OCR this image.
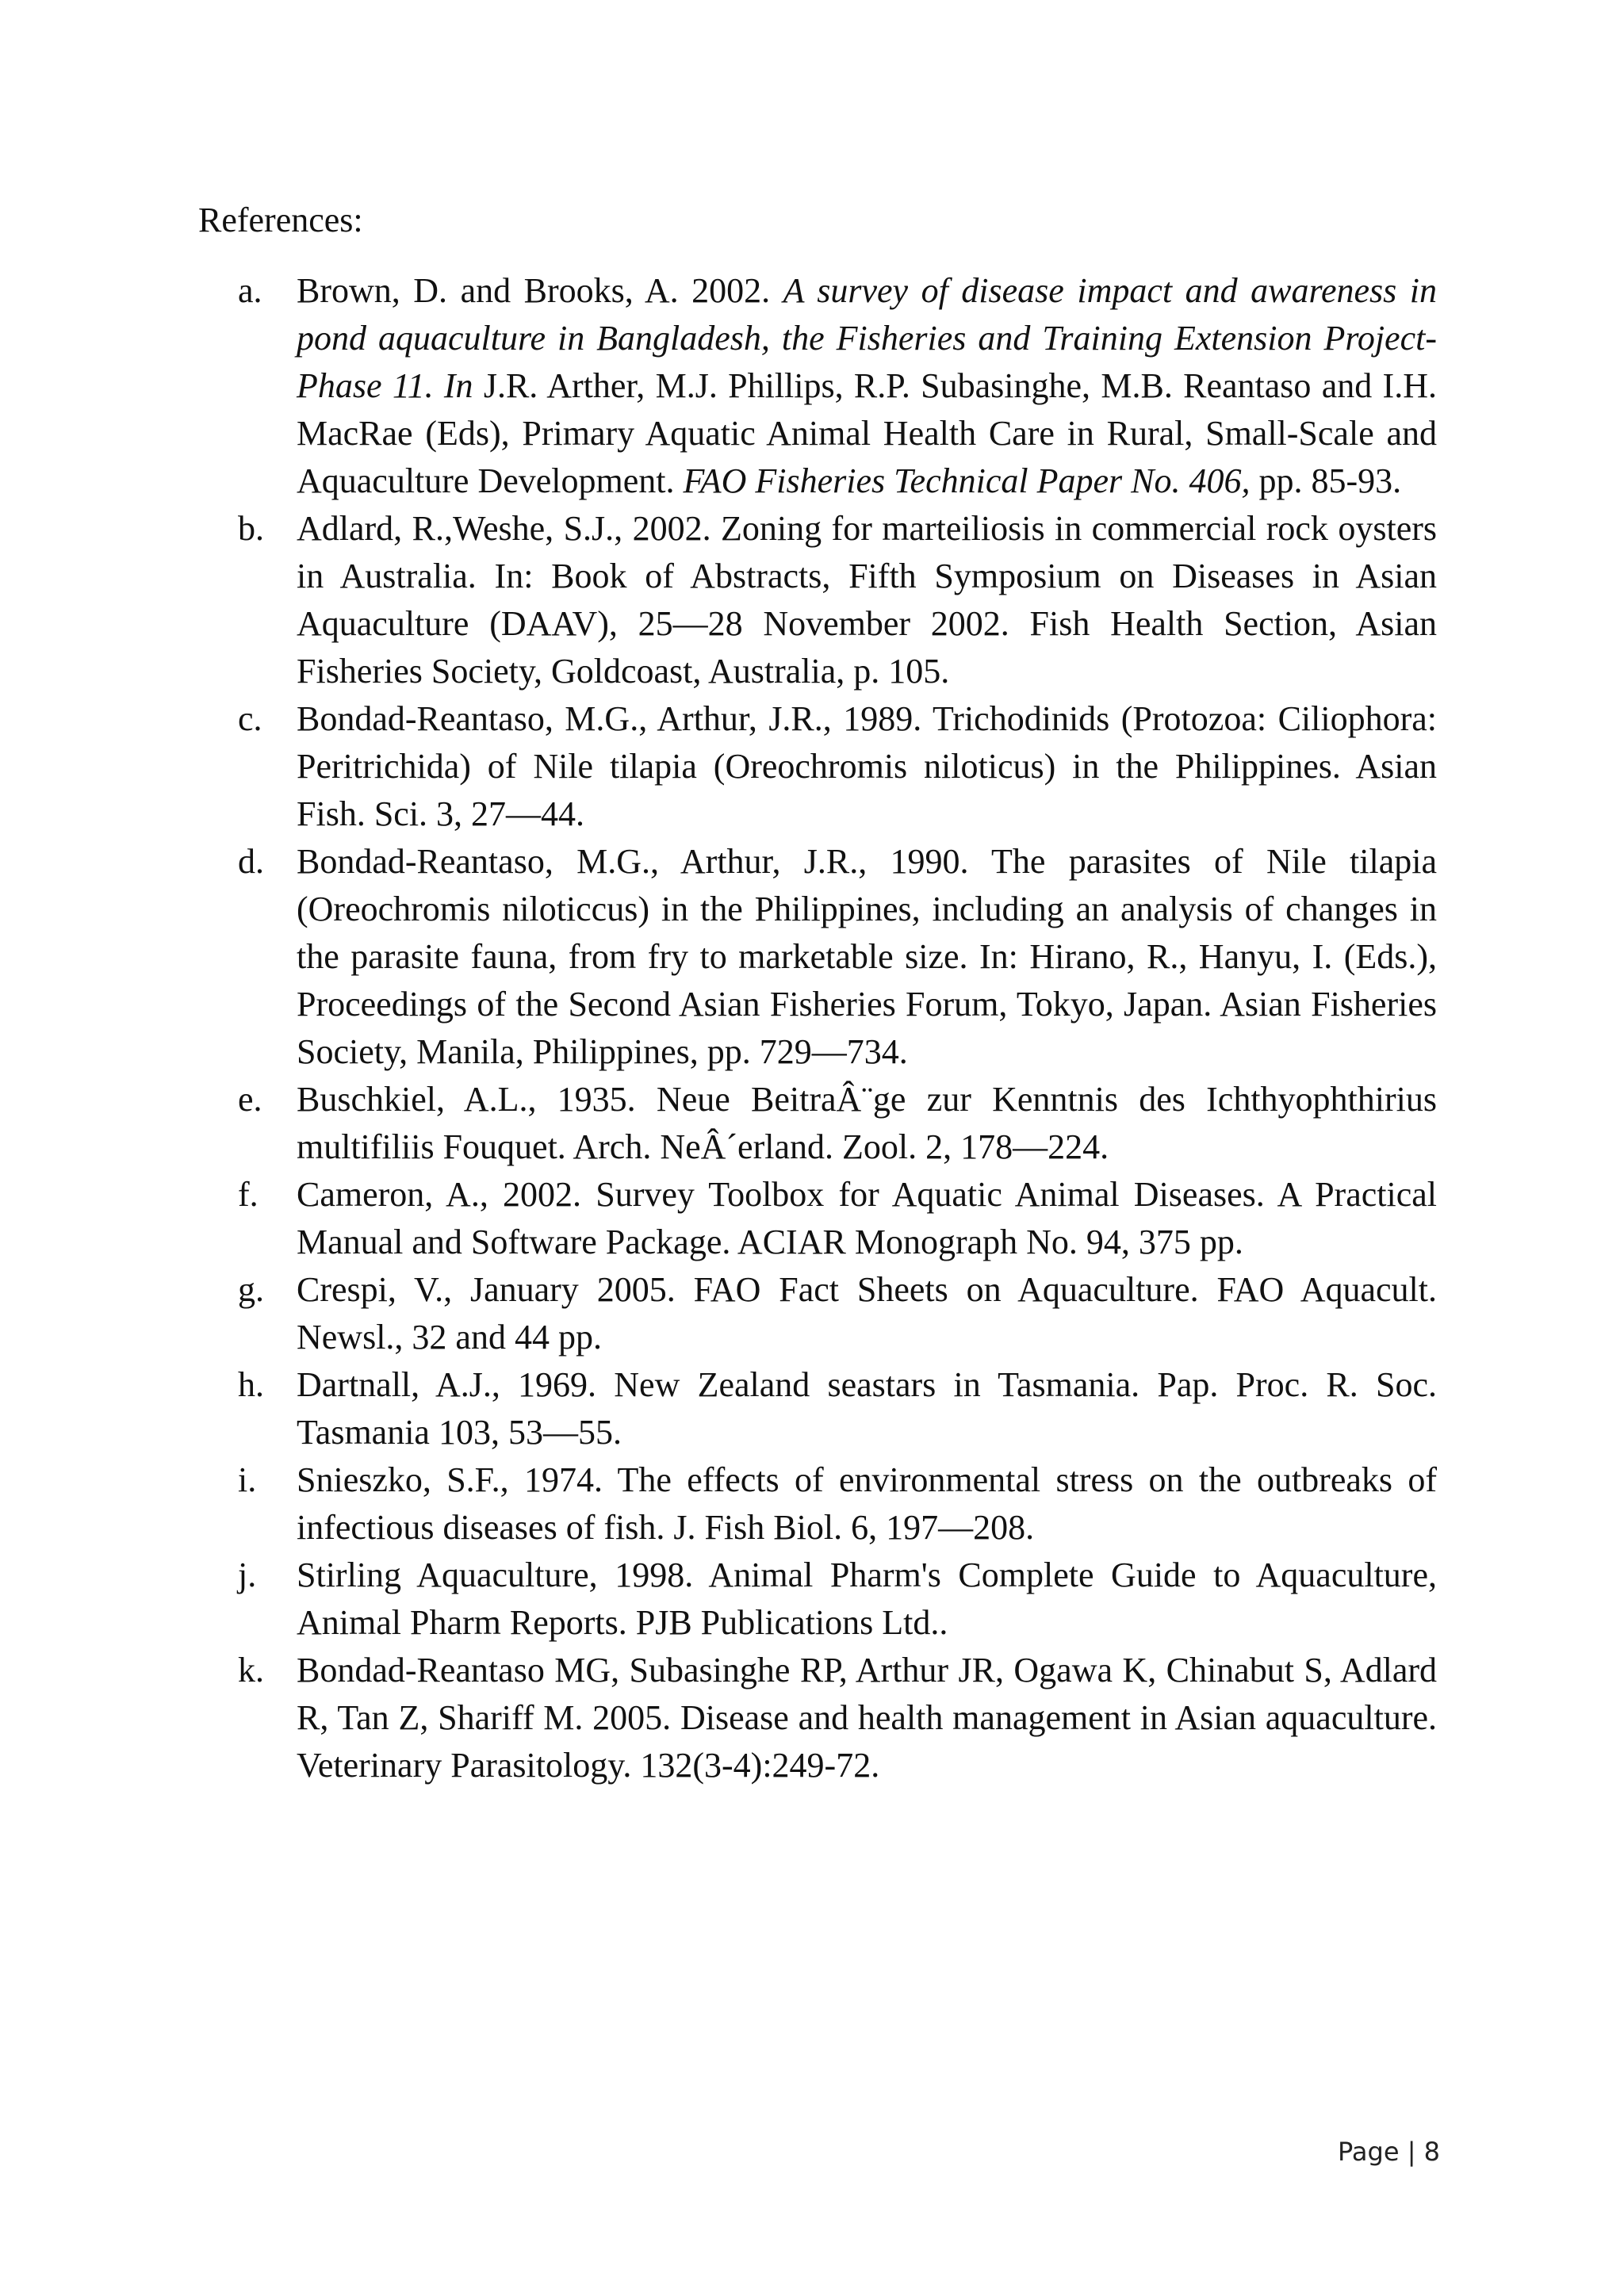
References:
a. Brown, D. and Brooks, A. 2002. A survey of disease impact and awareness in pond aquaculture in Bangladesh, the Fisheries and Training Extension Project- Phase 11. In J.R. Arther, M.J. Phillips, R.P. Subasinghe, M.B. Reantaso and I.H. MacRae (Eds), Primary Aquatic Animal Health Care in Rural, Small-Scale and Aquaculture Development. FAO Fisheries Technical Paper No. 406, pp. 85-93.
b. Adlard, R.,Weshe, S.J., 2002. Zoning for marteiliosis in commercial rock oysters in Australia. In: Book of Abstracts, Fifth Symposium on Diseases in Asian Aquaculture (DAAV), 25—28 November 2002. Fish Health Section, Asian Fisheries Society, Goldcoast, Australia, p. 105.
c. Bondad-Reantaso, M.G., Arthur, J.R., 1989. Trichodinids (Protozoa: Ciliophora: Peritrichida) of Nile tilapia (Oreochromis niloticus) in the Philippines. Asian Fish. Sci. 3, 27—44.
d. Bondad-Reantaso, M.G., Arthur, J.R., 1990. The parasites of Nile tilapia (Oreochromis niloticcus) in the Philippines, including an analysis of changes in the parasite fauna, from fry to marketable size. In: Hirano, R., Hanyu, I. (Eds.), Proceedings of the Second Asian Fisheries Forum, Tokyo, Japan. Asian Fisheries Society, Manila, Philippines, pp. 729—734.
e. Buschkiel, A.L., 1935. Neue BeitraÂ¨ge zur Kenntnis des Ichthyophthirius multifiliis Fouquet. Arch. NeÂ´erland. Zool. 2, 178—224.
f.	Cameron, A., 2002. Survey Toolbox for Aquatic Animal Diseases. A Practical Manual and Software Package. ACIAR Monograph No. 94, 375 pp.
g. Crespi, V., January 2005. FAO Fact Sheets on Aquaculture. FAO Aquacult. Newsl., 32 and 44 pp.
h. Dartnall, A.J., 1969. New Zealand seastars in Tasmania. Pap. Proc. R. Soc. Tasmania 103, 53—55.
i.	Snieszko, S.F., 1974. The effects of environmental stress on the outbreaks of infectious diseases of fish. J. Fish Biol. 6, 197—208.
j.	Stirling Aquaculture, 1998. Animal Pharm's Complete Guide to Aquaculture, Animal Pharm Reports. PJB Publications Ltd..
k. Bondad-Reantaso MG, Subasinghe RP, Arthur JR, Ogawa K, Chinabut S, Adlard R, Tan Z, Shariff M. 2005. Disease and health management in Asian aquaculture. Veterinary Parasitology. 132(3-4):249-72.
Page | 8
